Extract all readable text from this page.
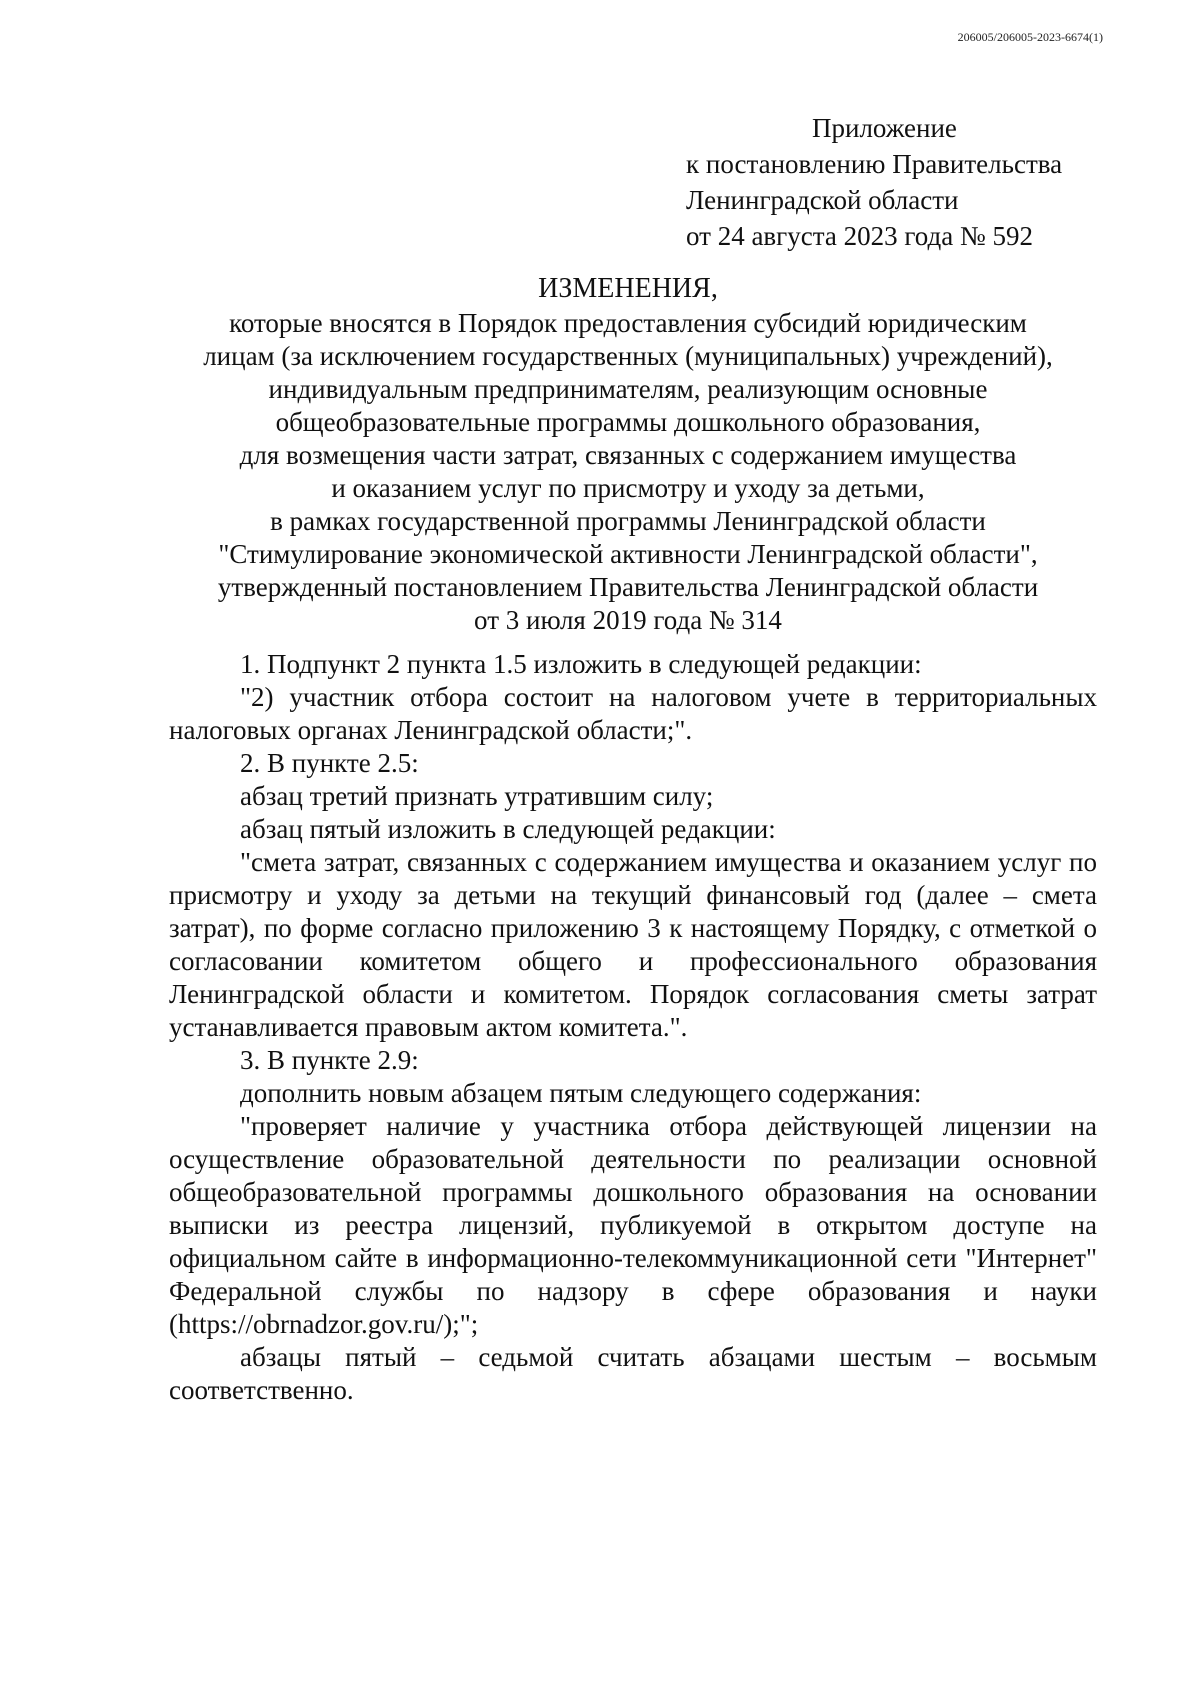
206005/206005-2023-6674(1)
Приложение
к постановлению Правительства
Ленинградской области
от 24 августа 2023 года № 592
ИЗМЕНЕНИЯ,
которые вносятся в Порядок предоставления субсидий юридическим
лицам (за исключением государственных (муниципальных) учреждений),
индивидуальным предпринимателям, реализующим основные
общеобразовательные программы дошкольного образования,
для возмещения части затрат, связанных с содержанием имущества
и оказанием услуг по присмотру и уходу за детьми,
в рамках государственной программы Ленинградской области
"Стимулирование экономической активности Ленинградской области",
утвержденный постановлением Правительства Ленинградской области
от 3 июля 2019 года № 314

1. Подпункт 2 пункта 1.5 изложить в следующей редакции:

"2) участник отбора состоит на налоговом учете в территориальных налоговых органах Ленинградской области;".

2. В пункте 2.5:

абзац третий признать утратившим силу;

абзац пятый изложить в следующей редакции:

"смета затрат, связанных с содержанием имущества и оказанием услуг по присмотру и уходу за детьми на текущий финансовый год (далее – смета затрат), по форме согласно приложению 3 к настоящему Порядку, с отметкой о согласовании комитетом общего и профессионального образования Ленинградской области и комитетом. Порядок согласования сметы затрат устанавливается правовым актом комитета.".

3. В пункте 2.9:

дополнить новым абзацем пятым следующего содержания:

"проверяет наличие у участника отбора действующей лицензии на осуществление образовательной деятельности по реализации основной общеобразовательной программы дошкольного образования на основании выписки из реестра лицензий, публикуемой в открытом доступе на официальном сайте в информационно-телекоммуникационной сети "Интернет" Федеральной службы по надзору в сфере образования и науки (https://obrnadzor.gov.ru/);";

абзацы пятый – седьмой считать абзацами шестым – восьмым соответственно.
